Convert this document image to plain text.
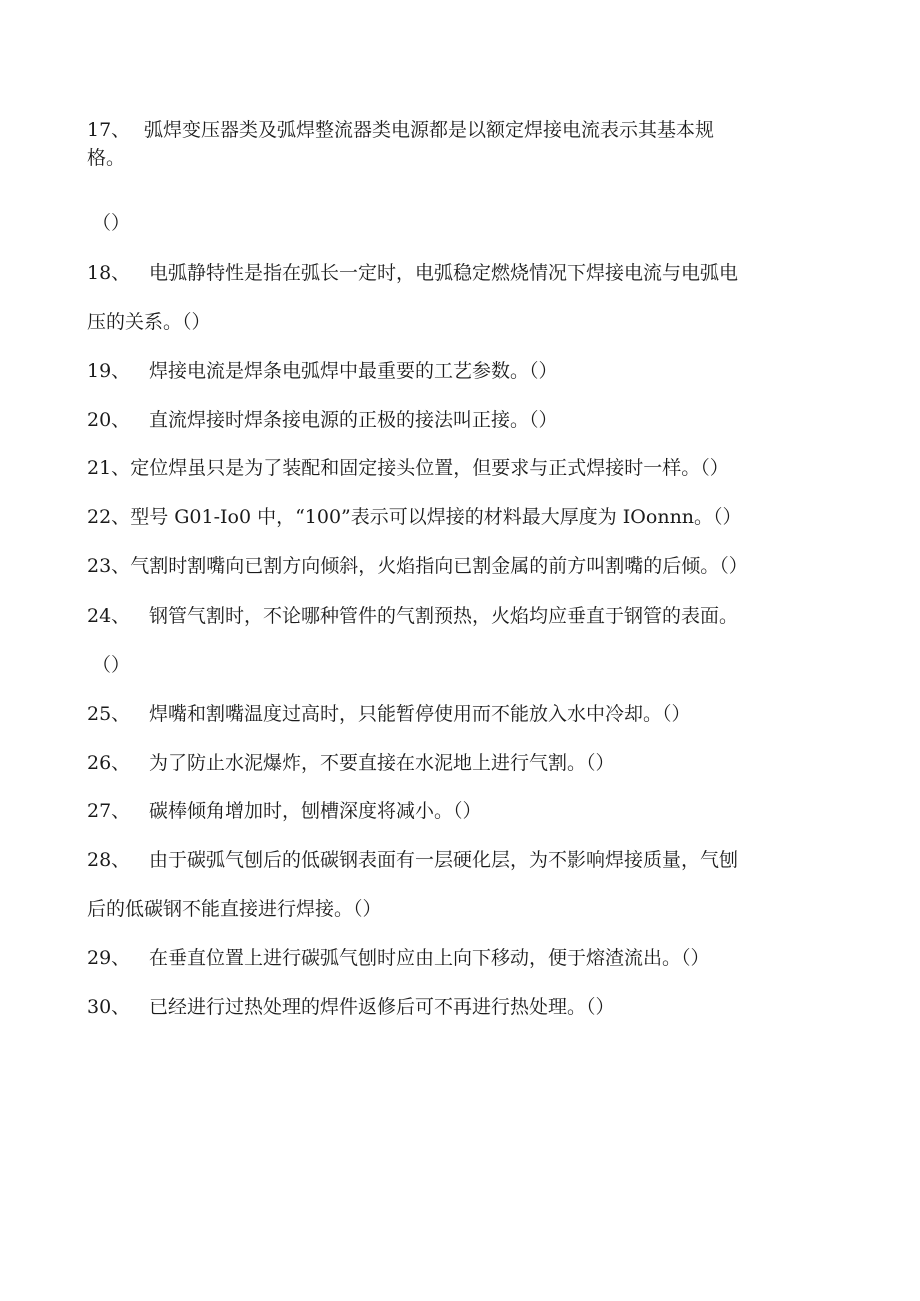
17、 弧焊变压器类及弧焊整流器类电源都是以额定焊接电流表示其基本规
格。
（）
18、 电弧静特性是指在弧长一定时，电弧稳定燃烧情况下焊接电流与电弧电
压的关系。（）
19、 焊接电流是焊条电弧焊中最重要的工艺参数。（）
20、 直流焊接时焊条接电源的正极的接法叫正接。（）
21、定位焊虽只是为了装配和固定接头位置，但要求与正式焊接时一样。（）
22、型号 G01-Io0 中，“100”表示可以焊接的材料最大厚度为 IOonnn。（）
23、气割时割嘴向已割方向倾斜，火焰指向已割金属的前方叫割嘴的后倾。（）
24、 钢管气割时，不论哪种管件的气割预热，火焰均应垂直于钢管的表面。
（）
25、 焊嘴和割嘴温度过高时，只能暂停使用而不能放入水中冷却。（）
26、 为了防止水泥爆炸，不要直接在水泥地上进行气割。（）
27、 碳棒倾角增加时，刨槽深度将减小。（）
28、 由于碳弧气刨后的低碳钢表面有一层硬化层，为不影响焊接质量，气刨
后的低碳钢不能直接进行焊接。（）
29、 在垂直位置上进行碳弧气刨时应由上向下移动，便于熔渣流出。（）
30、 已经进行过热处理的焊件返修后可不再进行热处理。（）
